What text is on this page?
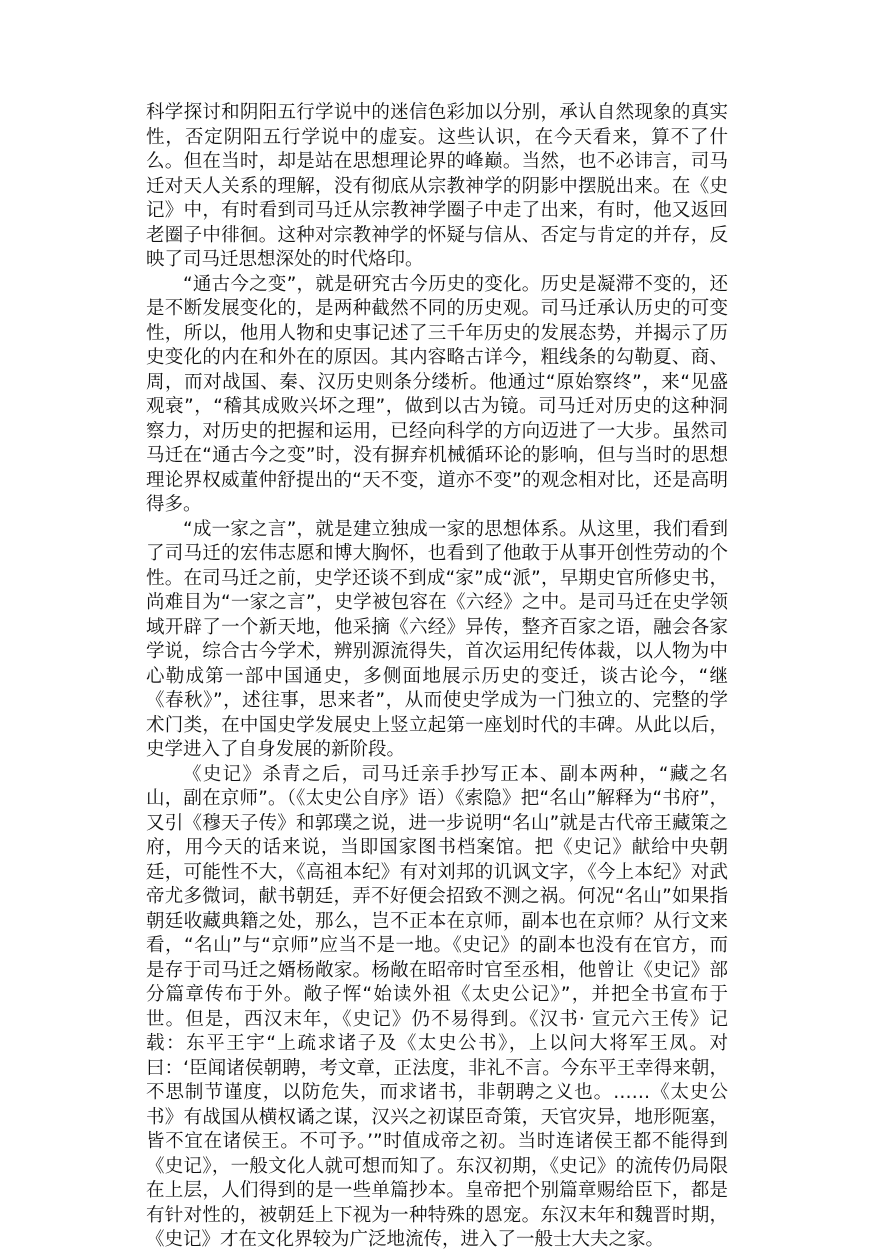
科学探讨和阴阳五行学说中的迷信色彩加以分别，承认自然现象的真实性，否定阴阳五行学说中的虚妄。这些认识，在今天看来，算不了什么。但在当时，却是站在思想理论界的峰巅。当然，也不必讳言，司马迁对天人关系的理解，没有彻底从宗教神学的阴影中摆脱出来。在《史记》中，有时看到司马迁从宗教神学圈子中走了出来，有时，他又返回老圈子中徘徊。这种对宗教神学的怀疑与信从、否定与肯定的并存，反映了司马迁思想深处的时代烙印。

“通古今之变”，就是研究古今历史的变化。历史是凝滞不变的，还是不断发展变化的，是两种截然不同的历史观。司马迁承认历史的可变性，所以，他用人物和史事记述了三千年历史的发展态势，并揭示了历史变化的内在和外在的原因。其内容略古详今，粗线条的勾勒夏、商、周，而对战国、秦、汉历史则条分缕析。他通过“原始察终”，来“见盛观衰”，“稽其成败兴坏之理”，做到以古为镜。司马迁对历史的这种洞察力，对历史的把握和运用，已经向科学的方向迈进了一大步。虽然司马迁在“通古今之变”时，没有摒弃机械循环论的影响，但与当时的思想理论界权威董仲舒提出的“天不变，道亦不变”的观念相对比，还是高明得多。

“成一家之言”，就是建立独成一家的思想体系。从这里，我们看到了司马迁的宏伟志愿和博大胸怀，也看到了他敢于从事开创性劳动的个性。在司马迁之前，史学还谈不到成“家”成“派”，早期史官所修史书，尚难目为“一家之言”，史学被包容在《六经》之中。是司马迁在史学领域开辟了一个新天地，他采摘《六经》异传，整齐百家之语，融会各家学说，综合古今学术，辨别源流得失，首次运用纪传体裁，以人物为中心勒成第一部中国通史，多侧面地展示历史的变迁，谈古论今，“继《春秋》”，述往事，思来者”，从而使史学成为一门独立的、完整的学术门类，在中国史学发展史上竖立起第一座划时代的丰碑。从此以后，史学进入了自身发展的新阶段。

《史记》杀青之后，司马迁亲手抄写正本、副本两种，“藏之名山，副在京师”。（《太史公自序》语）《索隐》把“名山”解释为“书府”，又引《穆天子传》和郭璞之说，进一步说明“名山”就是古代帝王藏策之府，用今天的话来说，当即国家图书档案馆。把《史记》献给中央朝廷，可能性不大，《高祖本纪》有对刘邦的讥讽文字，《今上本纪》对武帝尤多微词，献书朝廷，弄不好便会招致不测之祸。何况“名山”如果指朝廷收藏典籍之处，那么，岂不正本在京师，副本也在京师？从行文来看，“名山”与“京师”应当不是一地。《史记》的副本也没有在官方，而是存于司马迁之婿杨敞家。杨敞在昭帝时官至丞相，他曾让《史记》部分篇章传布于外。敞子恽“始读外祖《太史公记》”，并把全书宣布于世。但是，西汉末年，《史记》仍不易得到。《汉书· 宣元六王传》记载：东平王宇“上疏求诸子及《太史公书》，上以问大将军王凤。对曰：‘臣闻诸侯朝聘，考文章，正法度，非礼不言。今东平王幸得来朝，不思制节谨度，以防危失，而求诸书，非朝聘之义也。……《太史公书》有战国从横权谲之谋，汉兴之初谋臣奇策，天官灾异，地形阨塞，皆不宜在诸侯王。不可予。’”时值成帝之初。当时连诸侯王都不能得到《史记》，一般文化人就可想而知了。东汉初期，《史记》的流传仍局限在上层，人们得到的是一些单篇抄本。皇帝把个别篇章赐给臣下，都是有针对性的，被朝廷上下视为一种特殊的恩宠。东汉末年和魏晋时期，《史记》才在文化界较为广泛地流传，进入了一般士大夫之家。
